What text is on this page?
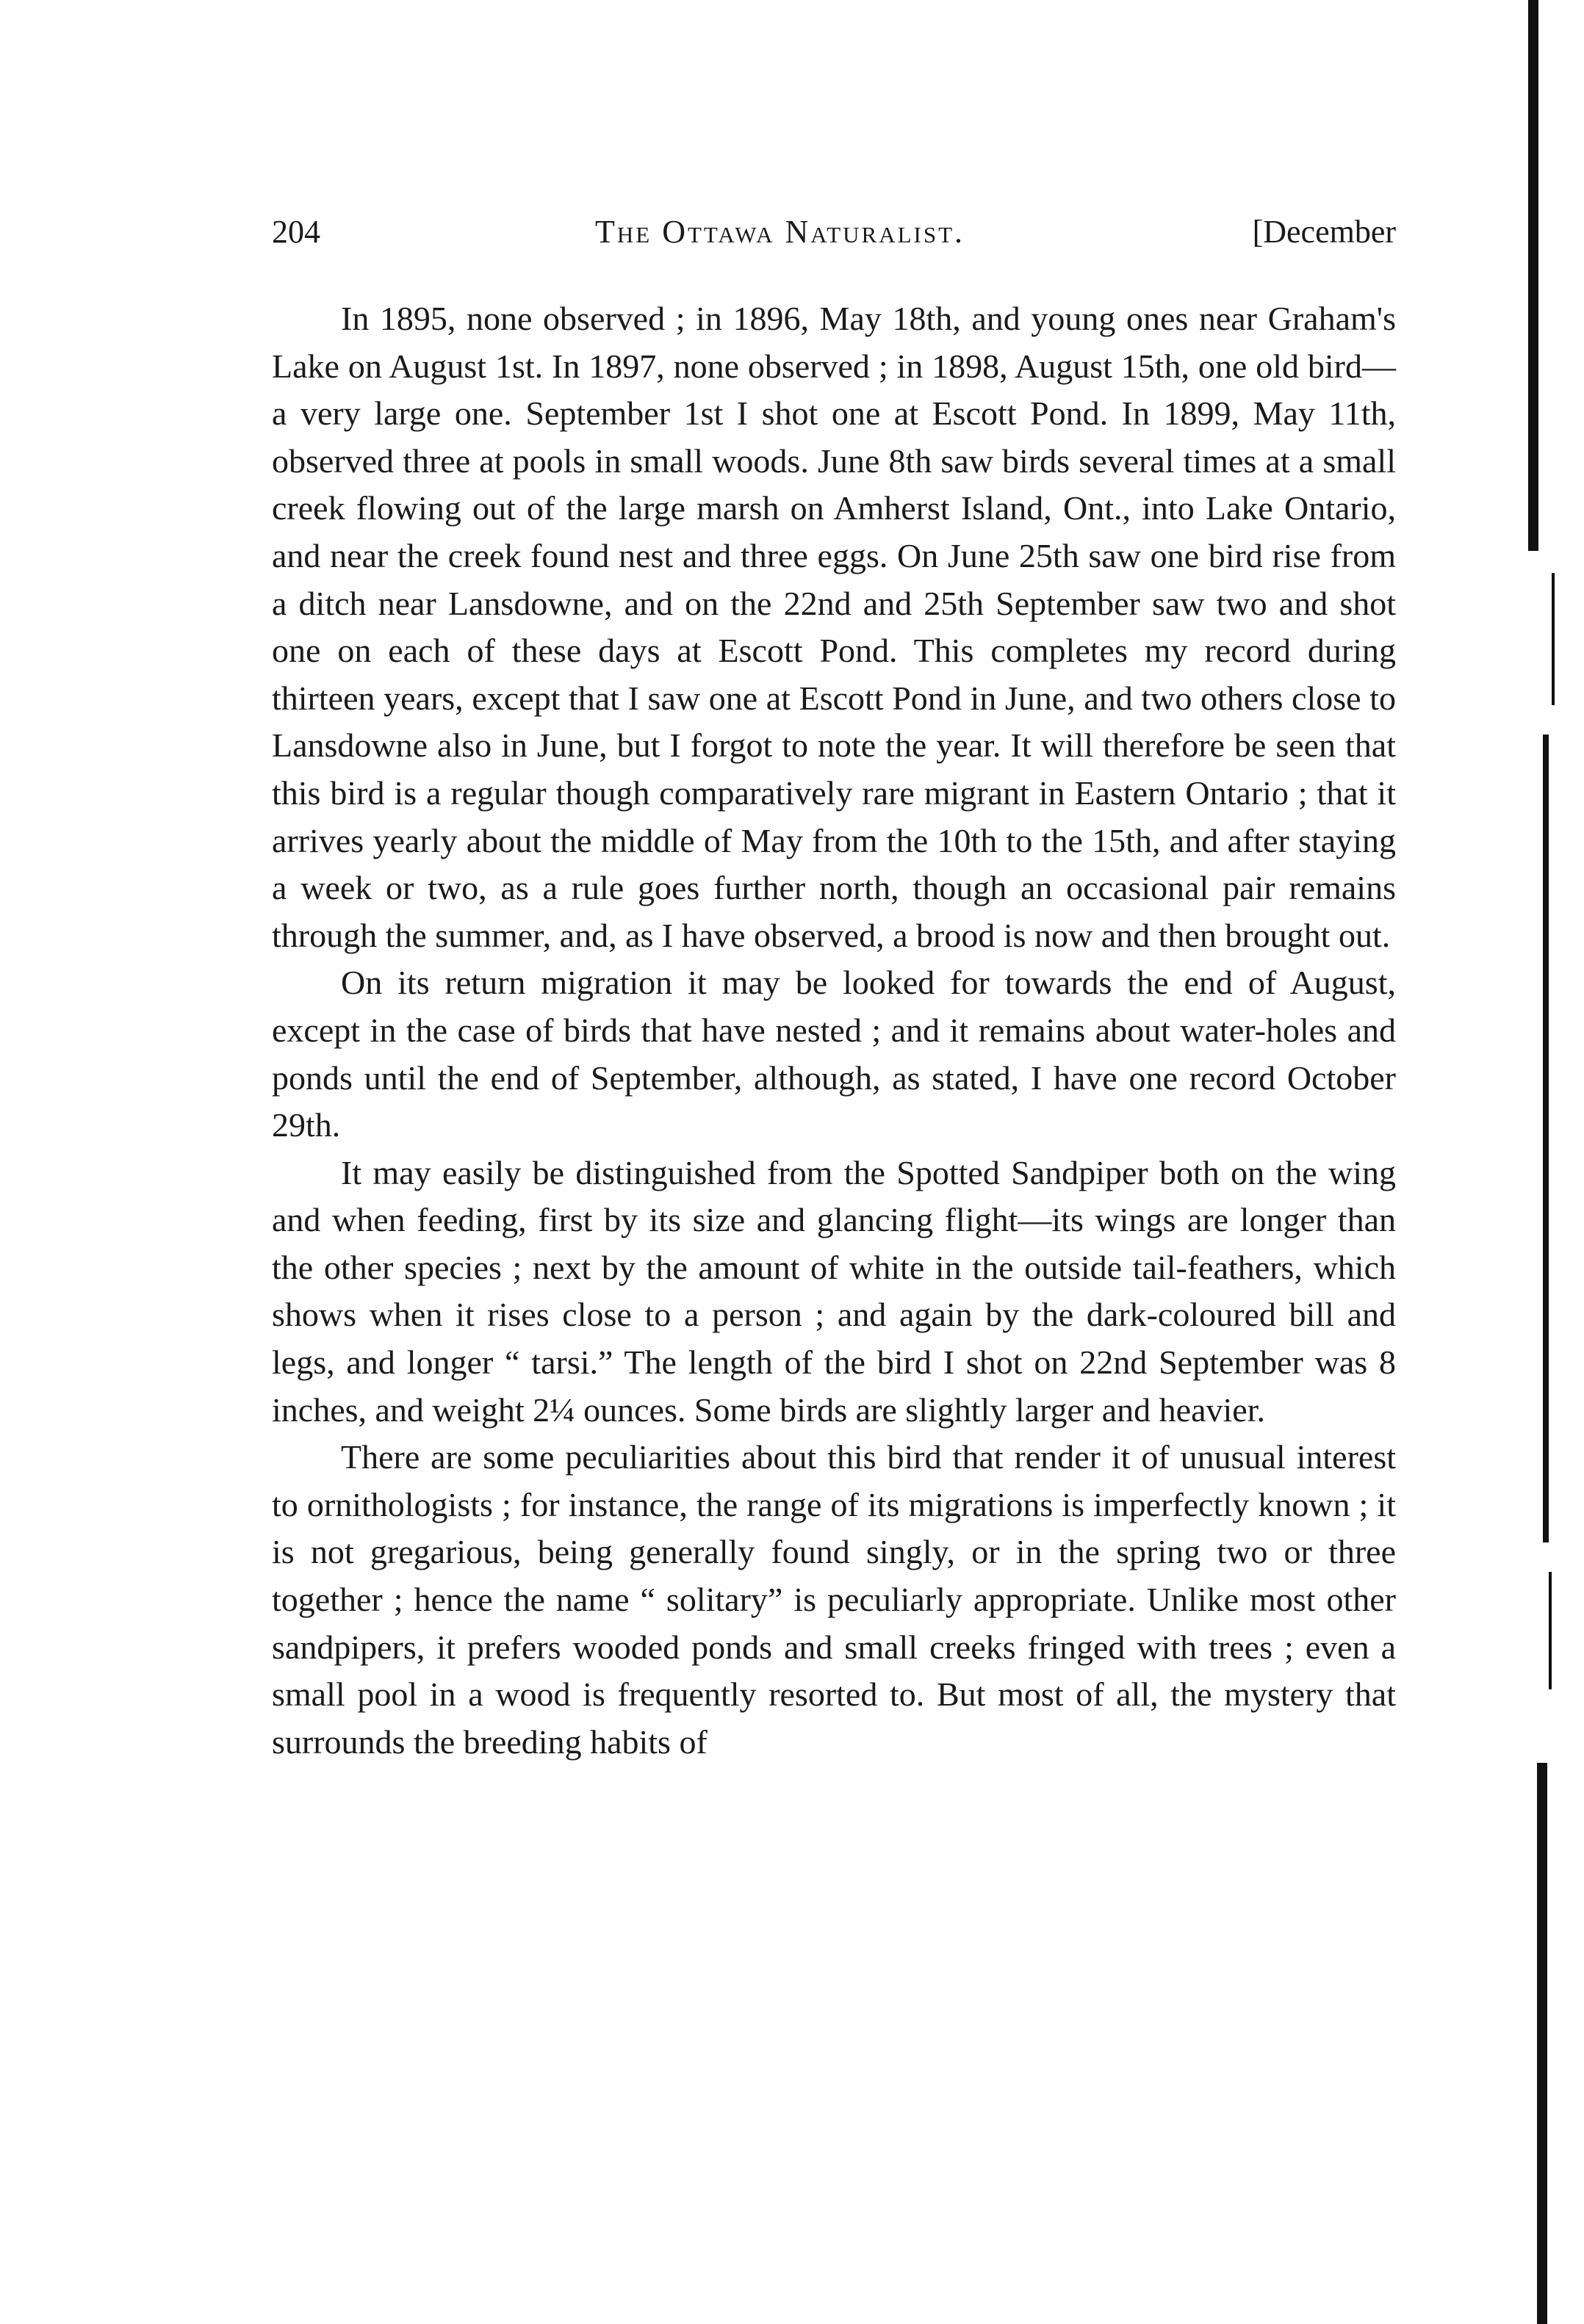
204	The Ottawa Naturalist.	[December

In 1895, none observed ; in 1896, May 18th, and young ones near Graham's Lake on August 1st. In 1897, none observed ; in 1898, August 15th, one old bird—a very large one. September 1st I shot one at Escott Pond. In 1899, May 11th, observed three at pools in small woods. June 8th saw birds several times at a small creek flowing out of the large marsh on Amherst Island, Ont., into Lake Ontario, and near the creek found nest and three eggs. On June 25th saw one bird rise from a ditch near Lansdowne, and on the 22nd and 25th September saw two and shot one on each of these days at Escott Pond. This completes my record during thirteen years, except that I saw one at Escott Pond in June, and two others close to Lansdowne also in June, but I forgot to note the year. It will therefore be seen that this bird is a regular though comparatively rare migrant in Eastern Ontario ; that it arrives yearly about the middle of May from the 10th to the 15th, and after staying a week or two, as a rule goes further north, though an occasional pair remains through the summer, and, as I have observed, a brood is now and then brought out.

On its return migration it may be looked for towards the end of August, except in the case of birds that have nested ; and it remains about water-holes and ponds until the end of September, although, as stated, I have one record October 29th.

It may easily be distinguished from the Spotted Sandpiper both on the wing and when feeding, first by its size and glancing flight—its wings are longer than the other species ; next by the amount of white in the outside tail-feathers, which shows when it rises close to a person ; and again by the dark-coloured bill and legs, and longer “ tarsi.” The length of the bird I shot on 22nd September was 8 inches, and weight 2¼ ounces. Some birds are slightly larger and heavier.

There are some peculiarities about this bird that render it of unusual interest to ornithologists ; for instance, the range of its migrations is imperfectly known ; it is not gregarious, being generally found singly, or in the spring two or three together ; hence the name “ solitary” is peculiarly appropriate. Unlike most other sandpipers, it prefers wooded ponds and small creeks fringed with trees ; even a small pool in a wood is frequently resorted to. But most of all, the mystery that surrounds the breeding habits of
